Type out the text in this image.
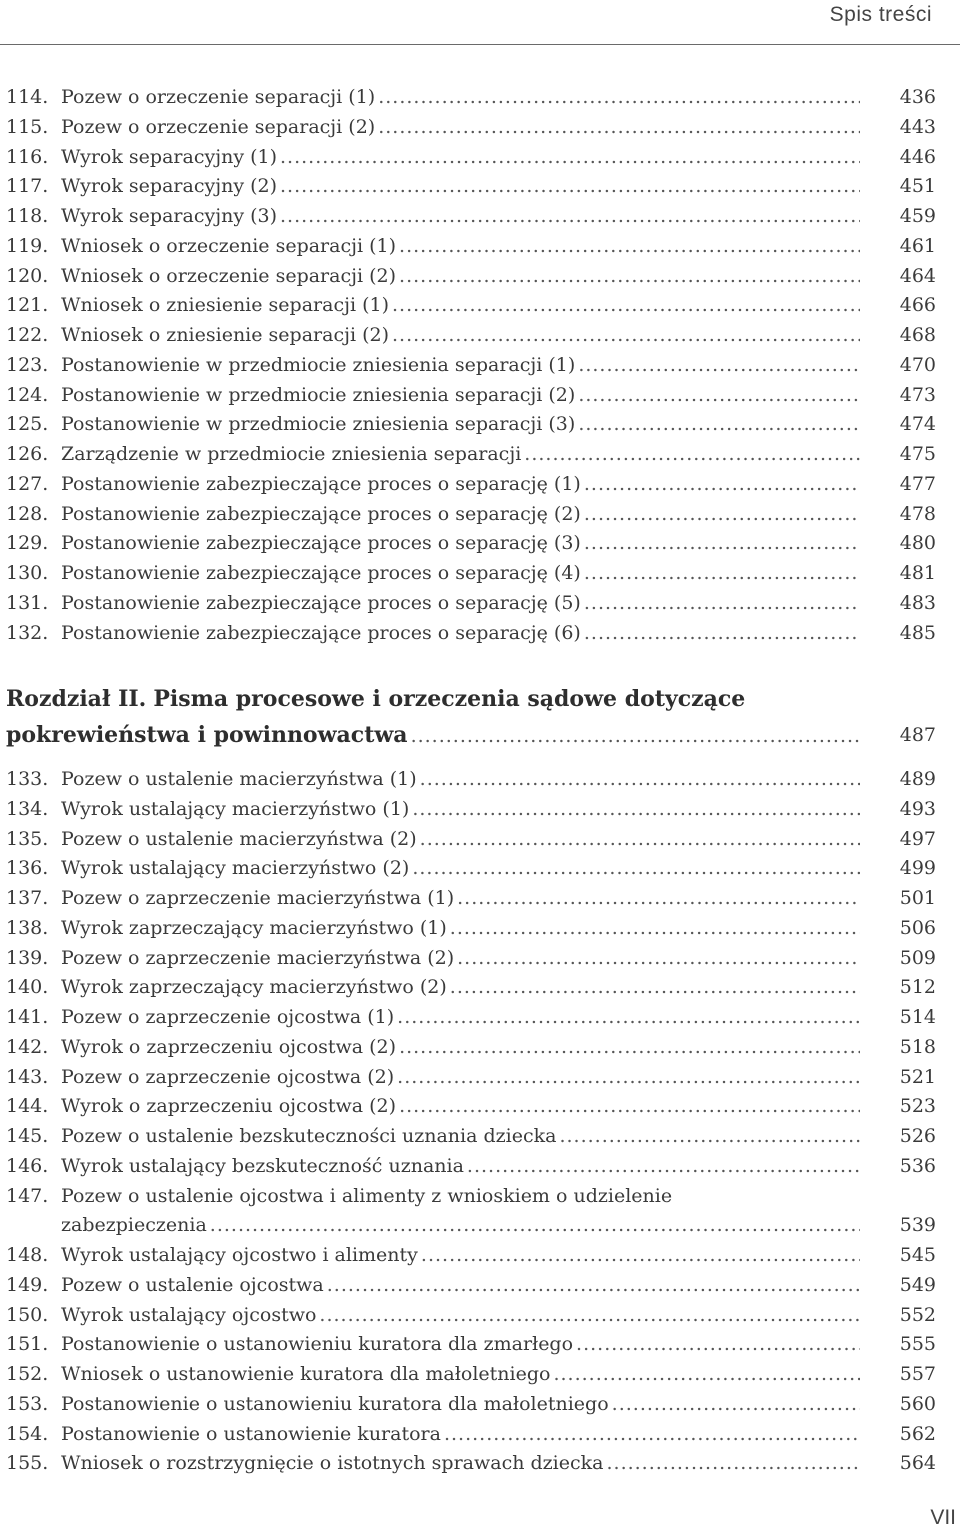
Spis treści
114. Pozew o orzeczenie separacji (1) .....	436
115. Pozew o orzeczenie separacji (2) .....	443
116. Wyrok separacyjny (1) .....	446
117. Wyrok separacyjny (2) .....	451
118. Wyrok separacyjny (3) .....	459
119. Wniosek o orzeczenie separacji (1) .....	461
120. Wniosek o orzeczenie separacji (2) .....	464
121. Wniosek o zniesienie separacji (1) .....	466
122. Wniosek o zniesienie separacji (2) .....	468
123. Postanowienie w przedmiocie zniesienia separacji (1) .....	470
124. Postanowienie w przedmiocie zniesienia separacji (2) .....	473
125. Postanowienie w przedmiocie zniesienia separacji (3) .....	474
126. Zarządzenie w przedmiocie zniesienia separacji .....	475
127. Postanowienie zabezpieczające proces o separację (1) .....	477
128. Postanowienie zabezpieczające proces o separację (2) .....	478
129. Postanowienie zabezpieczające proces o separację (3) .....	480
130. Postanowienie zabezpieczające proces o separację (4) .....	481
131. Postanowienie zabezpieczające proces o separację (5) .....	483
132. Postanowienie zabezpieczające proces o separację (6) .....	485
Rozdział II. Pisma procesowe i orzeczenia sądowe dotyczące
pokrewieństwa i powinnowactwa .....	487
133. Pozew o ustalenie macierzyństwa (1) .....	489
134. Wyrok ustalający macierzyństwo (1) .....	493
135. Pozew o ustalenie macierzyństwa (2) .....	497
136. Wyrok ustalający macierzyństwo (2) .....	499
137. Pozew o zaprzeczenie macierzyństwa (1) .....	501
138. Wyrok zaprzeczający macierzyństwo (1) .....	506
139. Pozew o zaprzeczenie macierzyństwa (2) .....	509
140. Wyrok zaprzeczający macierzyństwo (2) .....	512
141. Pozew o zaprzeczenie ojcostwa (1) .....	514
142. Wyrok o zaprzeczeniu ojcostwa (2) .....	518
143. Pozew o zaprzeczenie ojcostwa (2) .....	521
144. Wyrok o zaprzeczeniu ojcostwa (2) .....	523
145. Pozew o ustalenie bezskuteczności uznania dziecka .....	526
146. Wyrok ustalający bezskuteczność uznania .....	536
147. Pozew o ustalenie ojcostwa i alimenty z wnioskiem o udzielenie
zabezpieczenia .....	539
148. Wyrok ustalający ojcostwo i alimenty .....	545
149. Pozew o ustalenie ojcostwa .....	549
150. Wyrok ustalający ojcostwo .....	552
151. Postanowienie o ustanowieniu kuratora dla zmarłego .....	555
152. Wniosek o ustanowienie kuratora dla małoletniego .....	557
153. Postanowienie o ustanowieniu kuratora dla małoletniego .....	560
154. Postanowienie o ustanowienie kuratora .....	562
155. Wniosek o rozstrzygnięcie o istotnych sprawach dziecka .....	564
VII
